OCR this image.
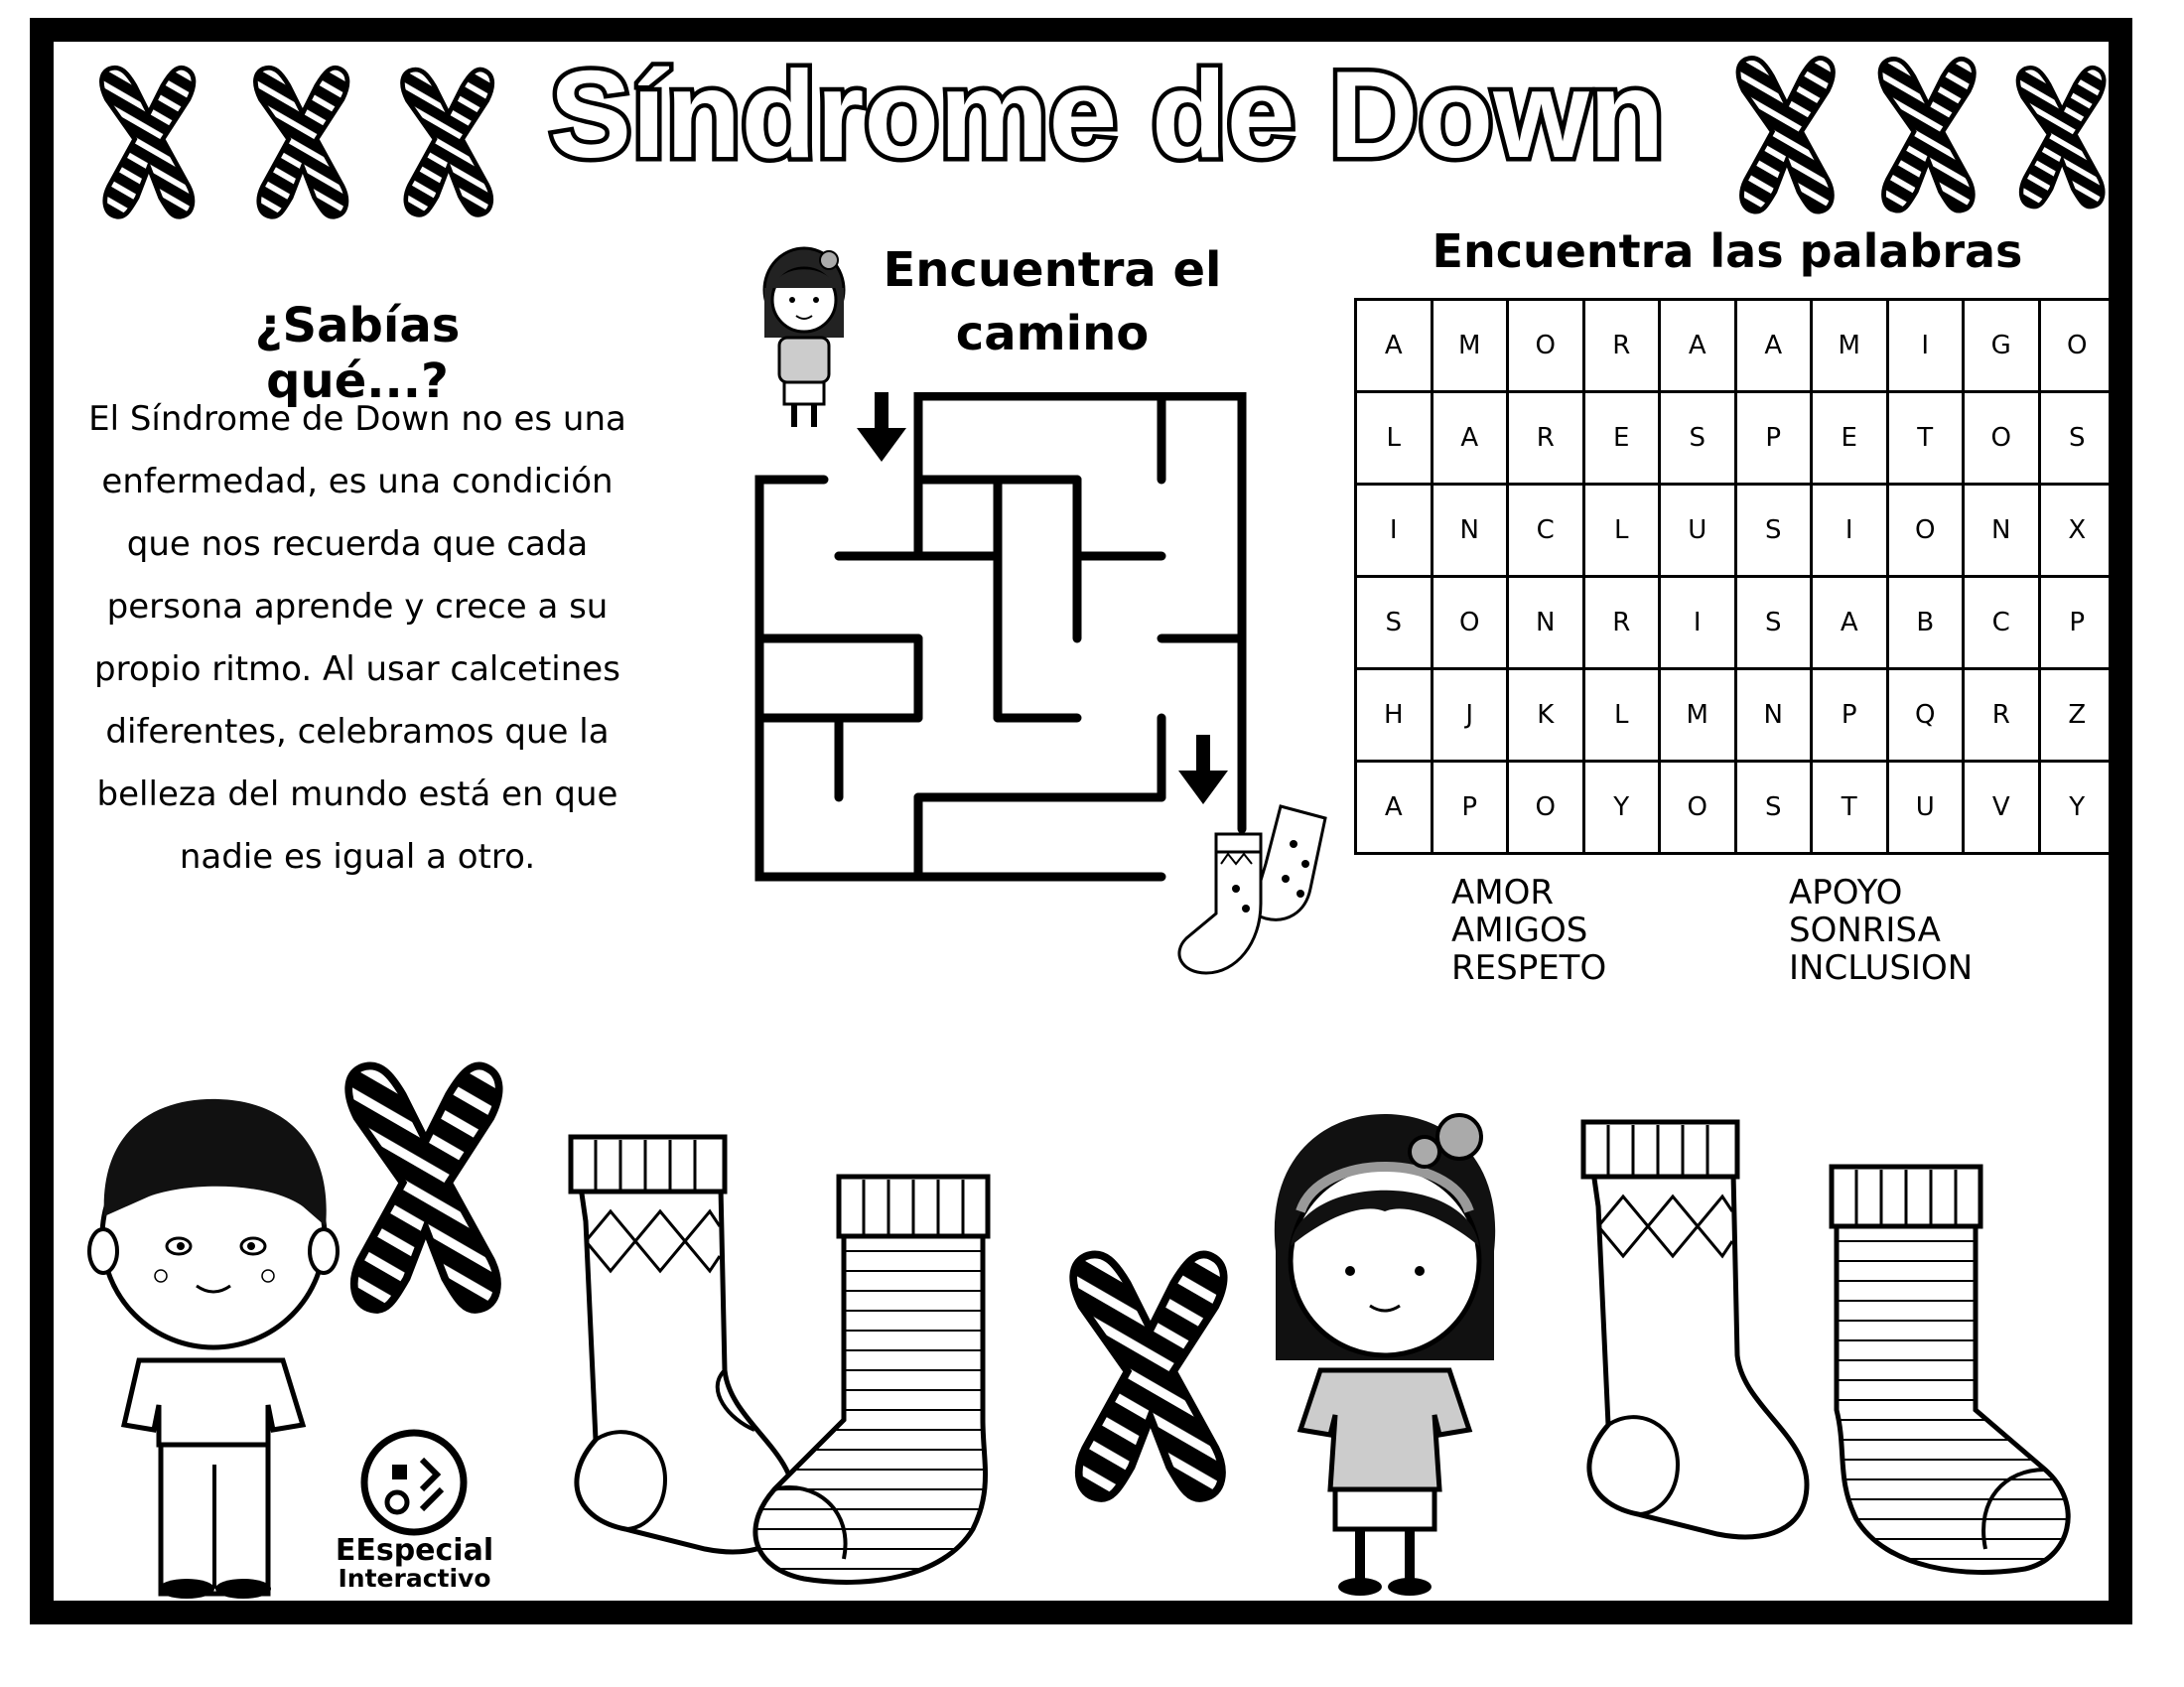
Síndrome de Down
¿Sabías qué...?
El Síndrome de Down no es una
enfermedad, es una condición
que nos recuerda que cada
persona aprende y crece a su
propio ritmo. Al usar calcetines
diferentes, celebramos que la
belleza del mundo está en que
nadie es igual a otro.
Encuentra el
camino
Encuentra las palabras
A	M	O	R	A	A	M	I	G	O
L	A	R	E	S	P	E	T	O	S
I	N	C	L	U	S	I	O	N	X
S	O	N	R	I	S	A	B	C	P
H	J	K	L	M	N	P	Q	R	Z
A	P	O	Y	O	S	T	U	V	Y
AMOR
AMIGOS
RESPETO
APOYO
SONRISA
INCLUSION
EEspecial
Interactivo
